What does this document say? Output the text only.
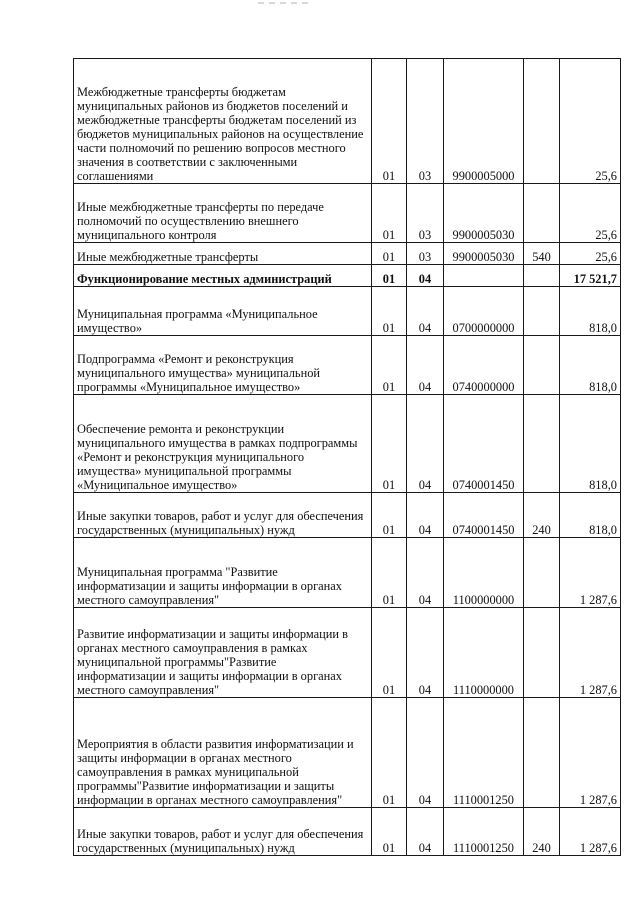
Межбюджетные трансферты бюджетам муниципальных районов из бюджетов поселений и межбюджетные трансферты бюджетам поселений из бюджетов муниципальных районов на осуществление части полномочий по решению вопросов местного значения в соответствии с заключенными соглашениями	01	03	9900005000		25,6
Иные межбюджетные трансферты по передаче полномочий по осуществлению внешнего муниципального контроля	01	03	9900005030		25,6
Иные межбюджетные трансферты	01	03	9900005030	540	25,6
Функционирование местных администраций	01	04			17 521,7
Муниципальная программа «Муниципальное имущество»	01	04	0700000000		818,0
Подпрограмма «Ремонт и реконструкция муниципального имущества» муниципальной программы «Муниципальное имущество»	01	04	0740000000		818,0
Обеспечение ремонта и реконструкции муниципального имущества в рамках подпрограммы «Ремонт и реконструкция муниципального имущества» муниципальной программы «Муниципальное имущество»	01	04	0740001450		818,0
Иные закупки товаров, работ и услуг для обеспечения государственных (муниципальных) нужд	01	04	0740001450	240	818,0
Муниципальная программа "Развитие информатизации и защиты информации в органах местного самоуправления"	01	04	1100000000		1 287,6
Развитие информатизации и защиты информации в органах местного самоуправления в рамках муниципальной программы"Развитие информатизации и защиты информации в органах местного самоуправления"	01	04	1110000000		1 287,6
Мероприятия в области развития информатизации и защиты информации в органах местного самоуправления в рамках муниципальной программы"Развитие информатизации и защиты информации в органах местного самоуправления"	01	04	1110001250		1 287,6
Иные закупки товаров, работ и услуг для обеспечения государственных (муниципальных) нужд	01	04	1110001250	240	1 287,6
